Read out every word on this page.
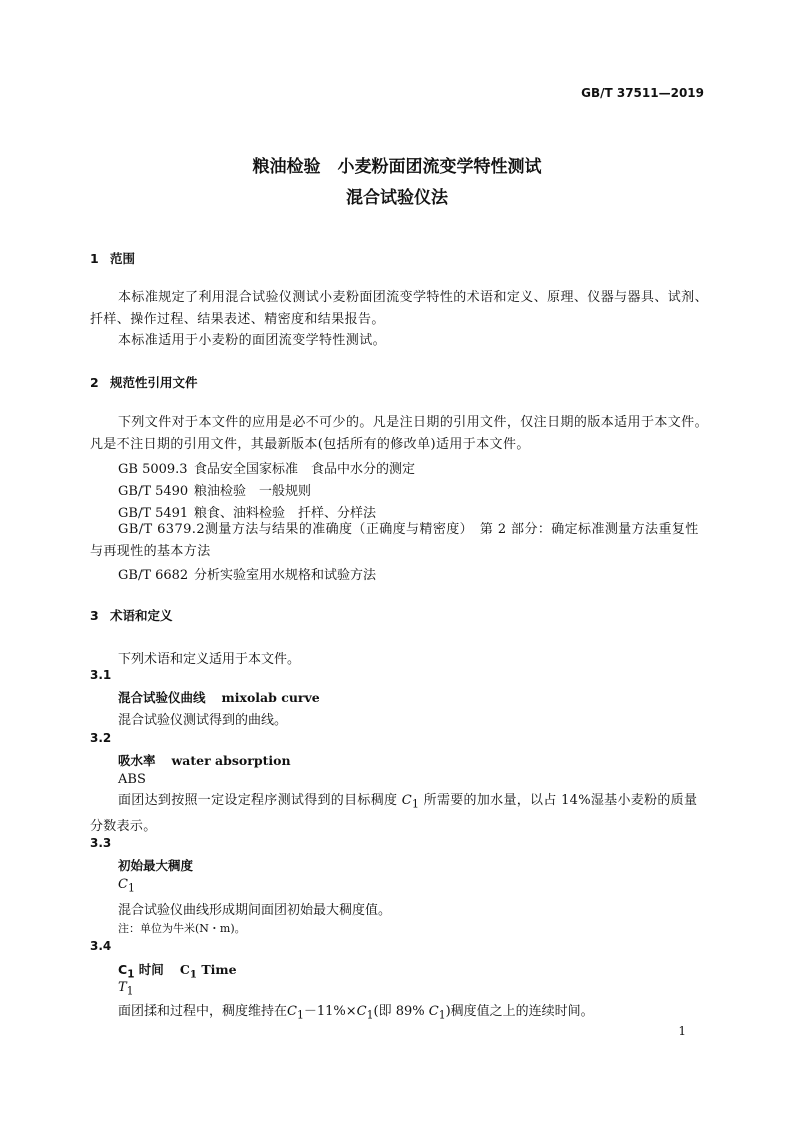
GB/T 37511—2019
粮油检验　小麦粉面团流变学特性测试
混合试验仪法
1 范围
本标准规定了利用混合试验仪测试小麦粉面团流变学特性的术语和定义、原理、仪器与器具、试剂、扦样、操作过程、结果表述、精密度和结果报告。
本标准适用于小麦粉的面团流变学特性测试。
2 规范性引用文件
下列文件对于本文件的应用是必不可少的。凡是注日期的引用文件，仅注日期的版本适用于本文件。凡是不注日期的引用文件，其最新版本(包括所有的修改单)适用于本文件。
GB 5009.3 食品安全国家标准　食品中水分的测定
GB/T 5490 粮油检验　一般规则
GB/T 5491 粮食、油料检验　扦样、分样法
GB/T 6379.2测量方法与结果的准确度（正确度与精密度）　第 2 部分：确定标准测量方法重复性与再现性的基本方法
GB/T 6682 分析实验室用水规格和试验方法
3 术语和定义
下列术语和定义适用于本文件。
3.1
混合试验仪曲线 mixolab curve
混合试验仪测试得到的曲线。
3.2
吸水率 water absorption
ABS
面团达到按照一定设定程序测试得到的目标稠度 $C_1$ 所需要的加水量，以占 14%湿基小麦粉的质量分数表示。
3.3
初始最大稠度
$C_1$
混合试验仪曲线形成期间面团初始最大稠度值。
注：单位为牛米(N・m)。
3.4
$C_1$ 时间 $C_1$ Time
$T_1$
面团揉和过程中，稠度维持在$C_1-11\%\times C_1$(即 89% $C_1$)稠度值之上的连续时间。
1
